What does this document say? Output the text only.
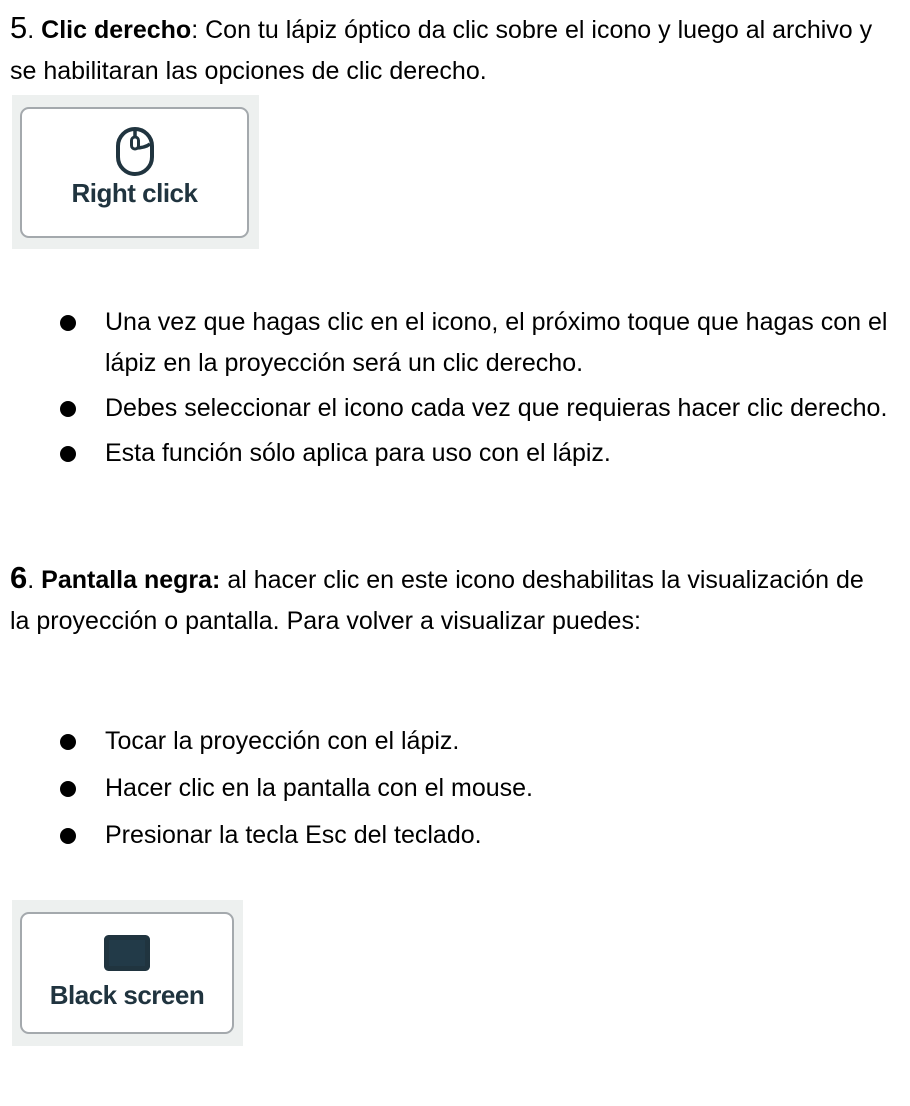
5. Clic derecho: Con tu lápiz óptico da clic sobre el icono y luego al archivo y se habilitaran las opciones de clic derecho.

Right click
Una vez que hagas clic en el icono, el próximo toque que hagas con el lápiz en la proyección será un clic derecho.
Debes seleccionar el icono cada vez que requieras hacer clic derecho.
Esta función sólo aplica para uso con el lápiz.

6. Pantalla negra: al hacer clic en este icono deshabilitas la visualización de la proyección o pantalla. Para volver a visualizar puedes:

Tocar la proyección con el lápiz.
Hacer clic en la pantalla con el mouse.
Presionar la tecla Esc del teclado.
Black screen
